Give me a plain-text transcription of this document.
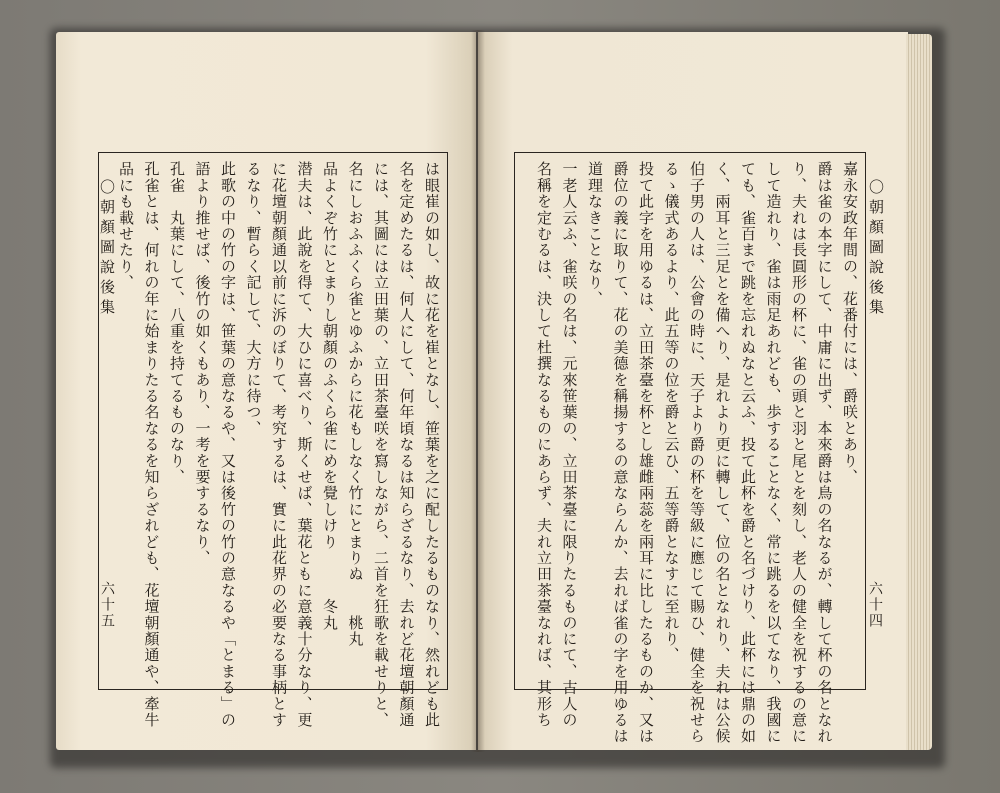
〇朝顏圖說後集
六十五	は眼崔の如し、故に花を崔となし、笹葉を之に配したるものなり、然れども此
名を定めたるは、何人にして、何年頃なるは知らざるなり、去れど花壇朝顏通
には、其圖には立田葉の、立田茶臺咲を寫しながら、二首を狂歌を載せりと、
名にしおふふくら雀とゆふからに花もしなく竹にとまりぬ　　桃丸
品よくぞ竹にとまりし朝顏のふくら雀にめを覺しけり　　　冬丸
潜夫は、此說を得て、大ひに喜べり、斯くせば、葉花ともに意義十分なり、更
に花壇朝顏通以前に泝のぼりて、考究するは、實に此花界の必要なる事柄とす
るなり、暫らく記して、大方に待つ、
此歌の中の竹の字は、笹葉の意なるや、又は後竹の竹の意なるや「とまる」の
語より推せば、後竹の如くもあり、一考を要するなり、
孔雀　丸葉にして、八重を持てるものなり、
孔雀とは、何れの年に始まりたる名なるを知らざれども、花壇朝顏通や、牽牛
品にも載せたり、	〇朝顏圖說後集
六十四
嘉永安政年間の、花番付には、爵咲とあり、
爵は雀の本字にして、中庸に出ず、本來爵は鳥の名なるが、轉して杯の名となれ
り、夫れは長圓形の杯に、雀の頭と羽と尾とを刻し、老人の健全を祝するの意に
して造れり、雀は雨足あれども、歩することなく、常に跳るを以てなり、我國に
ても、雀百まで跳を忘れぬなと云ふ、投て此杯を爵と名づけり、此杯には鼎の如
く、兩耳と三足とを備へり、是れより更に轉して、位の名となれり、夫れは公候
伯子男の人は、公會の時に、天子より爵の杯を等級に應じて賜ひ、健全を祝せら
るゝ儀式あるより、此五等の位を爵と云ひ、五等爵となすに至れり、
投て此字を用ゆるは、立田茶臺を杯とし雄雌兩蕊を兩耳に比したるものか、又は
爵位の義に取りて、花の美德を稱揚するの意ならんか、去れば雀の字を用ゆるは
道理なきことなり、
一老人云ふ、雀咲の名は、元來笹葉の、立田茶臺に限りたるものにて、古人の
名稱を定むるは、決して杜撰なるものにあらず、夫れ立田茶臺なれば、其形ち
